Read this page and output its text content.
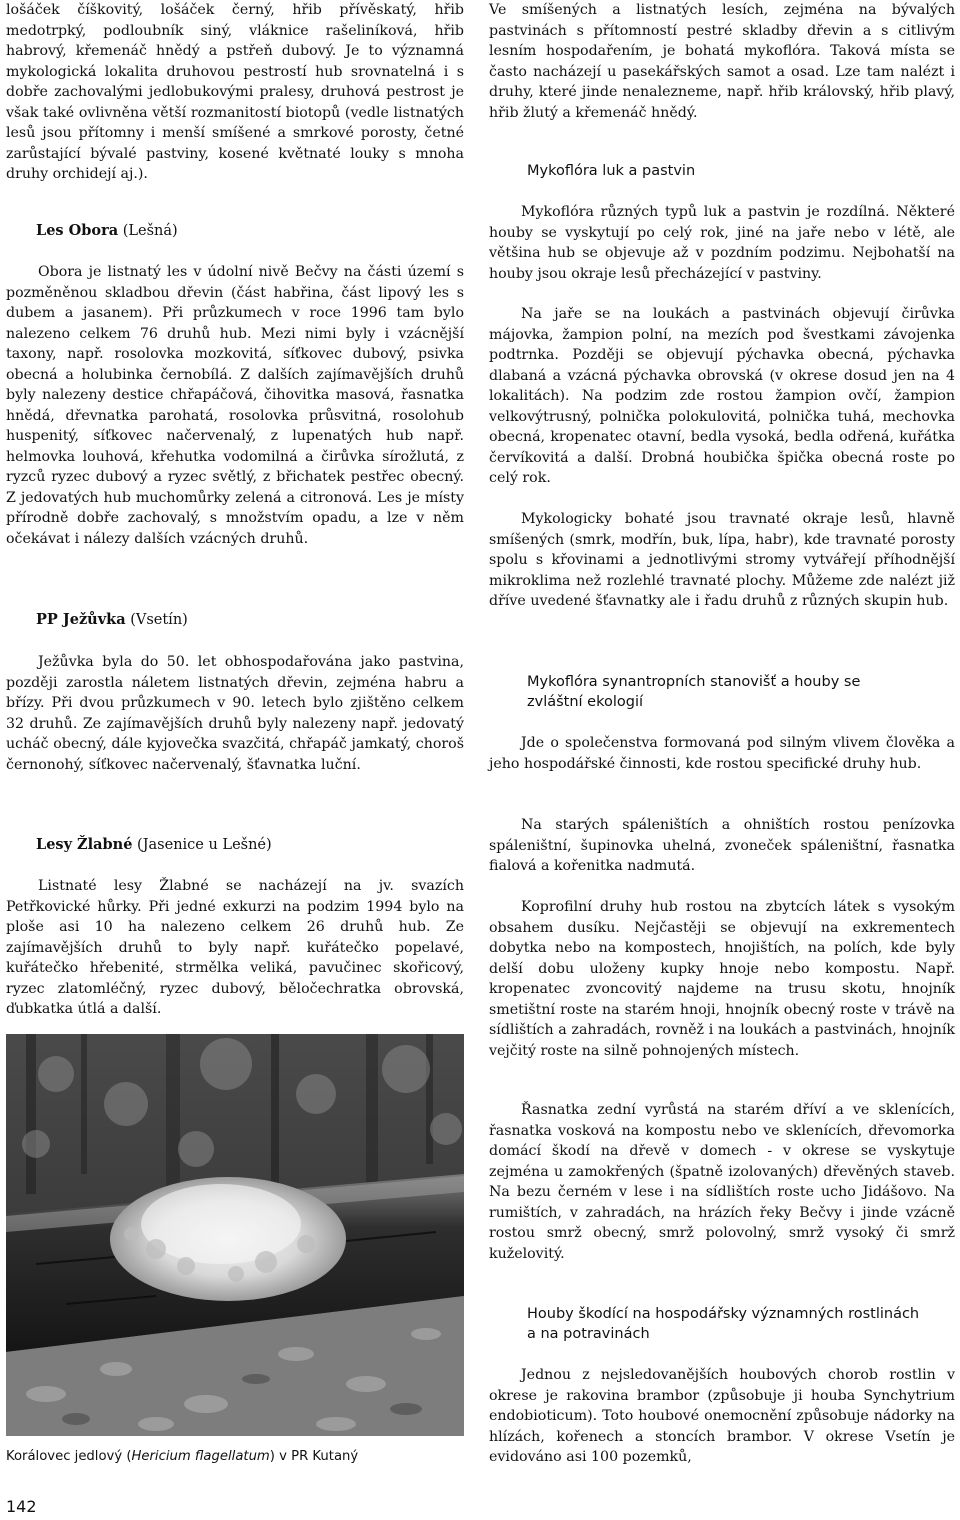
lošáček číškovitý, lošáček černý, hřib přívěskatý, hřib medotrpký, podloubník siný, vláknice rašeliníková, hřib habrový, křemenáč hnědý a pstřeň dubový. Je to významná mykologická lokalita druhovou pestrostí hub srovnatelná i s dobře zachovalými jedlobukovými pralesy, druhová pestrost je však také ovlivněna větší rozmanitostí biotopů (vedle listnatých lesů jsou přítomny i menší smíšené a smrkové porosty, četné zarůstající bývalé pastviny, kosené květnaté louky s mnoha druhy orchidejí aj.).

Les Obora (Lešná)

Obora je listnatý les v údolní nivě Bečvy na části území s pozměněnou skladbou dřevin (část habřina, část lipový les s dubem a jasanem). Při průzkumech v roce 1996 tam bylo nalezeno celkem 76 druhů hub. Mezi nimi byly i vzácnější taxony, např. rosolovka mozkovitá, síťkovec dubový, psivka obecná a holubinka černobílá. Z dalších zajímavějších druhů byly nalezeny destice chřapáčová, čihovitka masová, řasnatka hnědá, dřevnatka parohatá, rosolovka průsvitná, rosolohub huspenitý, síťkovec načervenalý, z lupenatých hub např. helmovka louhová, křehutka vodomilná a čirůvka sírožlutá, z ryzců ryzec dubový a ryzec světlý, z břichatek pestřec obecný. Z jedovatých hub muchomůrky zelená a citronová. Les je místy přírodně dobře zachovalý, s množstvím opadu, a lze v něm očekávat i nálezy dalších vzácných druhů.

PP Ježůvka (Vsetín)

Ježůvka byla do 50. let obhospodařována jako pastvina, později zarostla náletem listnatých dřevin, zejména habru a břízy. Při dvou průzkumech v 90. letech bylo zjištěno celkem 32 druhů. Ze zajímavějších druhů byly nalezeny např. jedovatý ucháč obecný, dále kyjovečka svazčitá, chřapáč jamkatý, choroš černonohý, síťkovec načervenalý, šťavnatka luční.

Lesy Žlabné (Jasenice u Lešné)

Listnaté lesy Žlabné se nacházejí na jv. svazích Petřkovické hůrky. Při jedné exkurzi na podzim 1994 bylo na ploše asi 10 ha nalezeno celkem 26 druhů hub. Ze zajímavějších druhů to byly např. kuřátečko popelavé, kuřátečko hřebenité, strmělka veliká, pavučinec skořicový, ryzec zlatomléčný, ryzec dubový, běločechratka obrovská, ďubkatka útlá a další.

Korálovec jedlový (Hericium flagellatum) v PR Kutaný
142

Ve smíšených a listnatých lesích, zejména na bývalých pastvinách s přítomností pestré skladby dřevin a s citlivým lesním hospodařením, je bohatá mykoflóra. Taková místa se často nacházejí u pasekářských samot a osad. Lze tam nalézt i druhy, které jinde nenalezneme, např. hřib královský, hřib plavý, hřib žlutý a křemenáč hnědý.

Mykoflóra luk a pastvin

Mykoflóra různých typů luk a pastvin je rozdílná. Některé houby se vyskytují po celý rok, jiné na jaře nebo v létě, ale většina hub se objevuje až v pozdním podzimu. Nejbohatší na houby jsou okraje lesů přecházející v pastviny.

Na jaře se na loukách a pastvinách objevují čirůvka májovka, žampion polní, na mezích pod švestkami závojenka podtrnka. Později se objevují pýchavka obecná, pýchavka dlabaná a vzácná pýchavka obrovská (v okrese dosud jen na 4 lokalitách). Na podzim zde rostou žampion ovčí, žampion velkovýtrusný, polnička polokulovitá, polnička tuhá, mechovka obecná, kropenatec otavní, bedla vysoká, bedla odřená, kuřátka červíkovitá a další. Drobná houbička špička obecná roste po celý rok.

Mykologicky bohaté jsou travnaté okraje lesů, hlavně smíšených (smrk, modřín, buk, lípa, habr), kde travnaté porosty spolu s křovinami a jednotlivými stromy vytvářejí příhodnější mikroklima než rozlehlé travnaté plochy. Můžeme zde nalézt již dříve uvedené šťavnatky ale i řadu druhů z různých skupin hub.

Mykoflóra synantropních stanovišť a houby se zvláštní ekologií

Jde o společenstva formovaná pod silným vlivem člověka a jeho hospodářské činnosti, kde rostou specifické druhy hub.

Na starých spáleništích a ohništích rostou penízovka spáleništní, šupinovka uhelná, zvoneček spáleništní, řasnatka fialová a kořenitka nadmutá.

Koprofilní druhy hub rostou na zbytcích látek s vysokým obsahem dusíku. Nejčastěji se objevují na exkrementech dobytka nebo na kompostech, hnojištích, na polích, kde byly delší dobu uloženy kupky hnoje nebo kompostu. Např. kropenatec zvoncovitý najdeme na trusu skotu, hnojník smetištní roste na starém hnoji, hnojník obecný roste v trávě na sídlištích a zahradách, rovněž i na loukách a pastvinách, hnojník vejčitý roste na silně pohnojených místech.

Řasnatka zední vyrůstá na starém dříví a ve sklenících, řasnatka vosková na kompostu nebo ve sklenících, dřevomorka domácí škodí na dřevě v domech - v okrese se vyskytuje zejména u zamokřených (špatně izolovaných) dřevěných staveb. Na bezu černém v lese i na sídlištích roste ucho Jidášovo. Na rumištích, v zahradách, na hrázích řeky Bečvy i jinde vzácně rostou smrž obecný, smrž polovolný, smrž vysoký či smrž kuželovitý.

Houby škodící na hospodářsky významných rostlinách a na potravinách

Jednou z nejsledovanějších houbových chorob rostlin v okrese je rakovina brambor (způsobuje ji houba Synchytrium endobioticum). Toto houbové onemocnění způsobuje nádorky na hlízách, kořenech a stoncích brambor. V okrese Vsetín je evidováno asi 100 pozemků,
